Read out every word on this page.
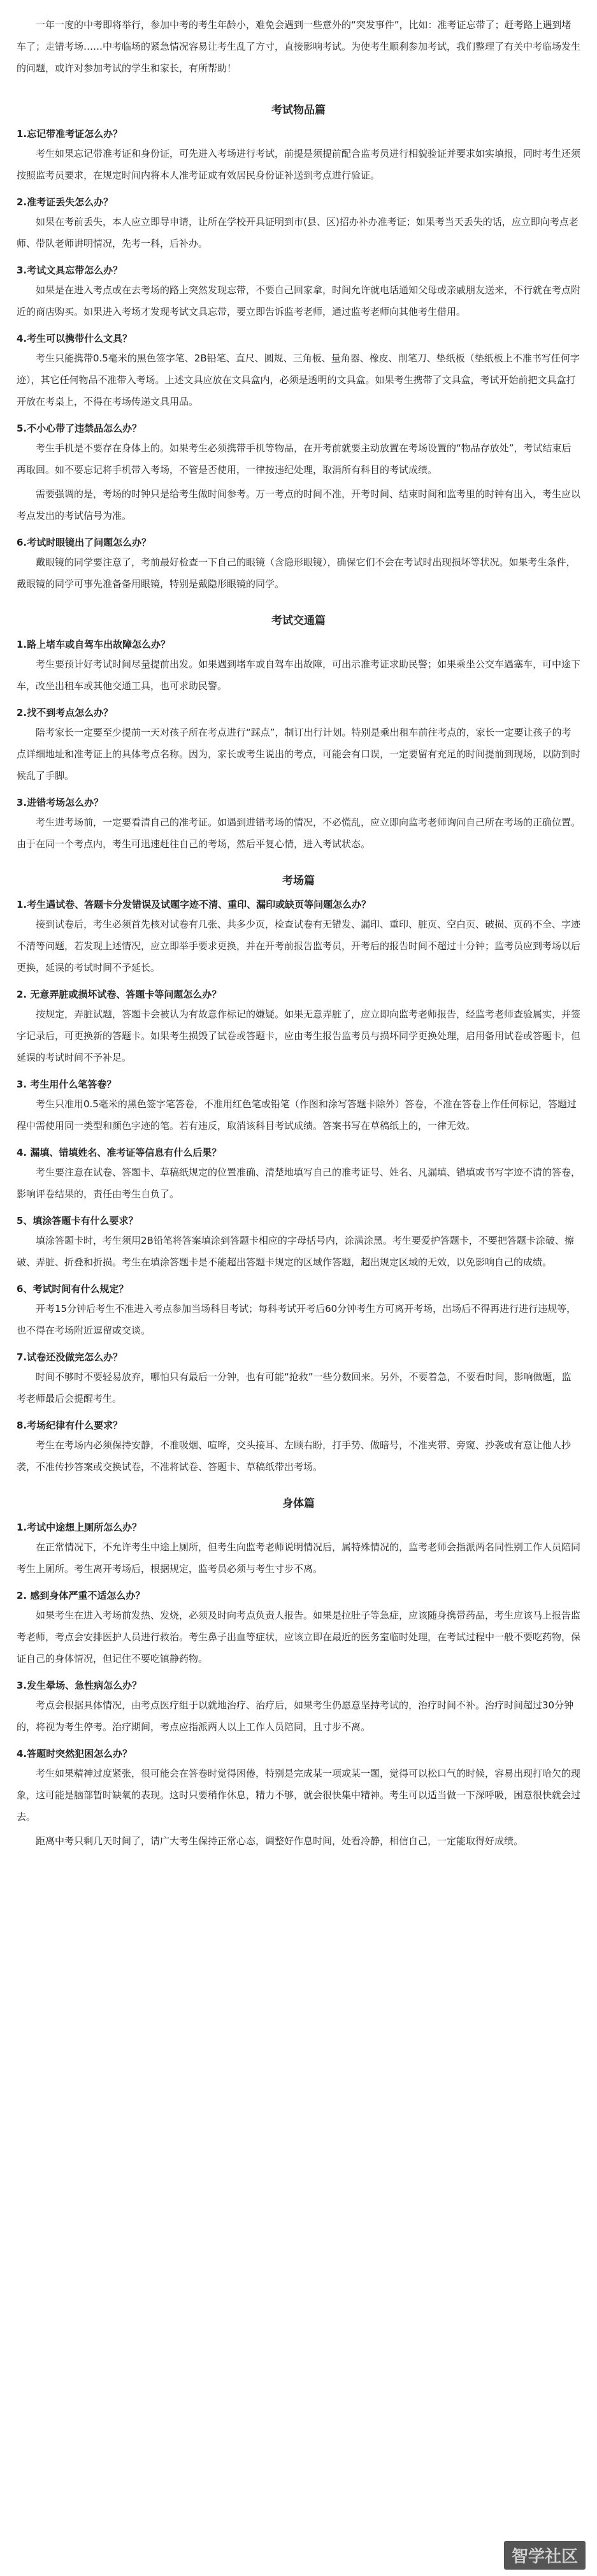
一年一度的中考即将举行，参加中考的考生年龄小，难免会遇到一些意外的“突发事件”，比如：准考证忘带了；赶考路上遇到堵车了；走错考场……中考临场的紧急情况容易让考生乱了方寸，直接影响考试。为使考生顺利参加考试，我们整理了有关中考临场发生的问题，或许对参加考试的学生和家长，有所帮助！
考试物品篇
1.忘记带准考证怎么办？
考生如果忘记带准考证和身份证，可先进入考场进行考试，前提是须提前配合监考员进行相貌验证并要求如实填报，同时考生还须按照监考员要求，在规定时间内将本人准考证或有效居民身份证补送到考点进行验证。
2.准考证丢失怎么办？
如果在考前丢失，本人应立即导申请，让所在学校开具证明到市(县、区)招办补办准考证；如果考当天丢失的话，应立即向考点老师、带队老师讲明情况，先考一科，后补办。
3.考试文具忘带怎么办？
如果是在进入考点或在去考场的路上突然发现忘带，不要自己回家拿，时间允许就电话通知父母或亲戚朋友送来，不行就在考点附近的商店购买。如果进入考场才发现考试文具忘带，要立即告诉监考老师，通过监考老师向其他考生借用。
4.考生可以携带什么文具？
考生只能携带0.5毫米的黑色签字笔、2B铅笔、直尺、圆规、三角板、量角器、橡皮、削笔刀、垫纸板（垫纸板上不准书写任何字迹），其它任何物品不准带入考场。上述文具应放在文具盒内，必须是透明的文具盒。如果考生携带了文具盒，考试开始前把文具盒打开放在考桌上，不得在考场传递文具用品。
5.不小心带了违禁品怎么办？
考生手机是不要存在身体上的。如果考生必须携带手机等物品，在开考前就要主动放置在考场设置的“物品存放处”，考试结束后再取回。如不要忘记将手机带入考场，不管是否使用，一律按违纪处理，取消所有科目的考试成绩。
需要强调的是，考场的时钟只是给考生做时间参考。万一考点的时间不准，开考时间、结束时间和监考里的时钟有出入，考生应以考点发出的考试信号为准。
6.考试时眼镜出了问题怎么办？
戴眼镜的同学要注意了，考前最好检查一下自己的眼镜（含隐形眼镜），确保它们不会在考试时出现损坏等状况。如果考生条件，戴眼镜的同学可事先准备备用眼镜，特别是戴隐形眼镜的同学。
考试交通篇
1.路上堵车或自驾车出故障怎么办？
考生要预计好考试时间尽量提前出发。如果遇到堵车或自驾车出故障，可出示准考证求助民警；如果乘坐公交车遇塞车，可中途下车，改坐出租车或其他交通工具，也可求助民警。
2.找不到考点怎么办？
陪考家长一定要至少提前一天对孩子所在考点进行“踩点”，制订出行计划。特别是乘出租车前往考点的，家长一定要让孩子的考点详细地址和准考证上的具体考点名称。因为，家长或考生说出的考点，可能会有口误，一定要留有充足的时间提前到现场，以防到时候乱了手脚。
3.进错考场怎么办？
考生进考场前，一定要看清自己的准考证。如遇到进错考场的情况，不必慌乱，应立即向监考老师询问自己所在考场的正确位置。由于在同一个考点内，考生可迅速赶往自己的考场，然后平复心情，进入考试状态。
考场篇
1.考生遇试卷、答题卡分发错误及试题字迹不清、重印、漏印或缺页等问题怎么办？
接到试卷后，考生必须首先核对试卷有几张、共多少页，检查试卷有无错发、漏印、重印、脏页、空白页、破损、页码不全、字迹不清等问题，若发现上述情况，应立即举手要求更换，并在开考前报告监考员，开考后的报告时间不超过十分钟；监考员应到考场以后更换，延误的考试时间不予延长。
2. 无意弄脏或损坏试卷、答题卡等问题怎么办？
按规定，弄脏试题，答题卡会被认为有故意作标记的嫌疑。如果无意弄脏了，应立即向监考老师报告，经监考老师查验属实，并签字记录后，可更换新的答题卡。如果考生损毁了试卷或答题卡，应由考生报告监考员与损坏同学更换处理，启用备用试卷或答题卡，但延误的考试时间不予补足。
3. 考生用什么笔答卷？
考生只准用0.5毫米的黑色签字笔答卷，不准用红色笔或铅笔（作图和涂写答题卡除外）答卷，不准在答卷上作任何标记，答题过程中需使用同一类型和颜色字迹的笔。若有违反，取消该科目考试成绩。答案书写在草稿纸上的，一律无效。
4. 漏填、错填姓名、准考证等信息有什么后果？
考生要注意在试卷、答题卡、草稿纸规定的位置准确、清楚地填写自己的准考证号、姓名、凡漏填、错填或书写字迹不清的答卷，影响评卷结果的，责任由考生自负了。
5、填涂答题卡有什么要求？
填涂答题卡时，考生须用2B铅笔将答案填涂到答题卡相应的字母括号内，涂满涂黑。考生要爱护答题卡，不要把答题卡涂破、擦破、弄脏、折叠和折损。考生在填涂答题卡是不能超出答题卡规定的区域作答题，超出规定区域的无效，以免影响自己的成绩。
6、考试时间有什么规定？
开考15分钟后考生不准进入考点参加当场科目考试；每科考试开考后60分钟考生方可离开考场，出场后不得再进行进行违规等，也不得在考场附近逗留或交谈。
7.试卷还没做完怎么办？
时间不够时不要轻易放弃，哪怕只有最后一分钟，也有可能“抢救”一些分数回来。另外，不要着急，不要看时间，影响做题，监考老师最后会提醒考生。
8.考场纪律有什么要求？
考生在考场内必须保持安静，不准吸烟、喧哗，交头接耳、左顾右盼，打手势、做暗号，不准夹带、旁窥、抄袭或有意让他人抄袭，不准传抄答案或交换试卷，不准将试卷、答题卡、草稿纸带出考场。
身体篇
1.考试中途想上厕所怎么办？
在正常情况下，不允许考生中途上厕所，但考生向监考老师说明情况后，属特殊情况的，监考老师会指派两名同性别工作人员陪同考生上厕所。考生离开考场后，根据规定，监考员必须与考生寸步不离。
2. 感到身体严重不适怎么办？
如果考生在进入考场前发热、发烧，必须及时向考点负责人报告。如果是拉肚子等急症，应该随身携带药品，考生应该马上报告监考老师，考点会安排医护人员进行救治。考生鼻子出血等症状，应该立即在最近的医务室临时处理，在考试过程中一般不要吃药物，保证自己的身体情况，但记住不要吃镇静药物。
3.发生晕场、急性病怎么办？
考点会根据具体情况，由考点医疗组于以就地治疗、治疗后，如果考生仍愿意坚持考试的，治疗时间不补。治疗时间超过30分钟的，将视为考生停考。治疗期间，考点应指派两人以上工作人员陪同，且寸步不离。
4.答题时突然犯困怎么办？
考生如果精神过度紧张，很可能会在答卷时觉得困倦，特别是完成某一项或某一题，觉得可以松口气的时候，容易出现打哈欠的现象，这可能是脑部暂时缺氧的表现。这时只要稍作休息，精力不够，就会很快集中精神。考生可以适当做一下深呼吸，困意很快就会过去。
距离中考只剩几天时间了，请广大考生保持正常心态，调整好作息时间，处看冷静，相信自己，一定能取得好成绩。
智学社区
